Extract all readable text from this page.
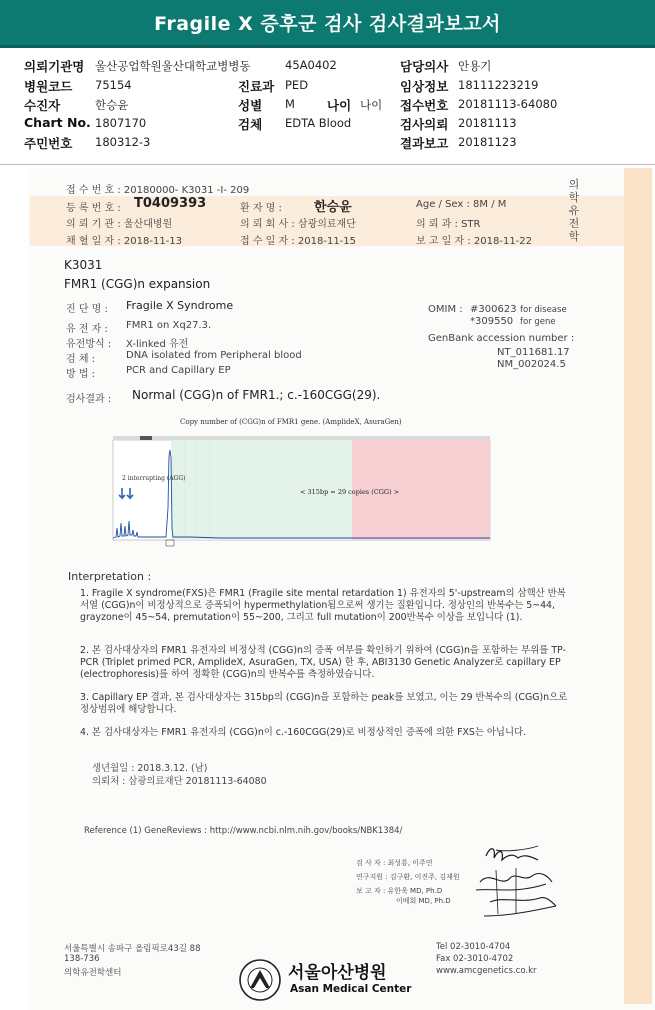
Fragile X 증후군 검사 검사결과보고서
의뢰기관명 울산공업학원울산대학교병병동
병원코드 75154
수진자	한승윤
Chart No. 1807170
주민번호 180312-3
45A0402
진료과 PED
성별 M	나이 나이
검체 EDTA Blood
담당의사 안용기
임상정보 18111223219
접수번호 20181113-64080
검사의뢰 20181113
결과보고 20181123
의학유전학
접 수 번 호 : 20180000- K3031 -I- 209
등 록 번 호 : T0409393	환 자 명 : 한승윤	Age / Sex : 8M / M
의 뢰 기 관 : 울산대병원	의 뢰 회 사 : 삼광의료재단	의 뢰 과 : STR
채 혈 일 자 : 2018-11-13	접 수 일 자 : 2018-11-15	보 고 일 자 : 2018-11-22
K3031
FMR1 (CGG)n expansion
진 단 명 : Fragile X Syndrome
유 전 자 : FMR1 on Xq27.3.
유전방식 : X-linked 유전
검 체 :	DNA isolated from Peripheral blood
방 법 :	PCR and Capillary EP
OMIM : #300623 for disease
*309550 for gene
GenBank accession number :
NT_011681.17
NM_002024.5
검사결과 : Normal (CGG)n of FMR1.; c.-160CGG(29).
Copy number of (CGG)n of FMR1 gene. (AmplideX, AsuraGen)
2 interrupting (AGG)
< 315bp = 29 copies (CGG) >
Interpretation :
1. Fragile X syndrome(FXS)은 FMR1 (Fragile site mental retardation 1) 유전자의 5'-upstream의 삼핵산 반복서열 (CGG)n이 비정상적으로 증폭되어 hypermethylation됨으로써 생기는 질환입니다. 정상인의 반복수는 5~44, grayzone이 45~54, premutation이 55~200, 그리고 full mutation이 200반복수 이상을 보입니다 (1).
2. 본 검사대상자의 FMR1 유전자의 비정상적 (CGG)n의 증폭 여부를 확인하기 위하여 (CGG)n을 포함하는 부위를 TP-PCR (Triplet primed PCR, AmplideX, AsuraGen, TX, USA) 한 후, ABI3130 Genetic Analyzer로 capillary EP (electrophoresis)를 하여 정확한 (CGG)n의 반복수를 측정하였습니다.
3. Capillary EP 결과, 본 검사대상자는 315bp의 (CGG)n을 포함하는 peak를 보였고, 이는 29 반복수의 (CGG)n으로 정상범위에 해당합니다.
4. 본 검사대상자는 FMR1 유전자의 (CGG)n이 c.-160CGG(29)로 비정상적인 증폭에 의한 FXS는 아닙니다.
생년월일 : 2018.3.12. (남)
의뢰처 : 삼광의료재단 20181113-64080
Reference (1) GeneReviews : http://www.ncbi.nlm.nih.gov/books/NBK1384/
검 사 자 : 최성룡, 이주연
연구지원 : 김구환, 이진주, 김재원
보 고 자 : 유한욱 MD, Ph.D
이베회 MD, Ph.D
서울특별시 송파구 올림픽로43길 88
138-736
의학유전학센터
Tel 02-3010-4704
Fax 02-3010-4702
www.amcgenetics.co.kr
서울아산병원
Asan Medical Center
